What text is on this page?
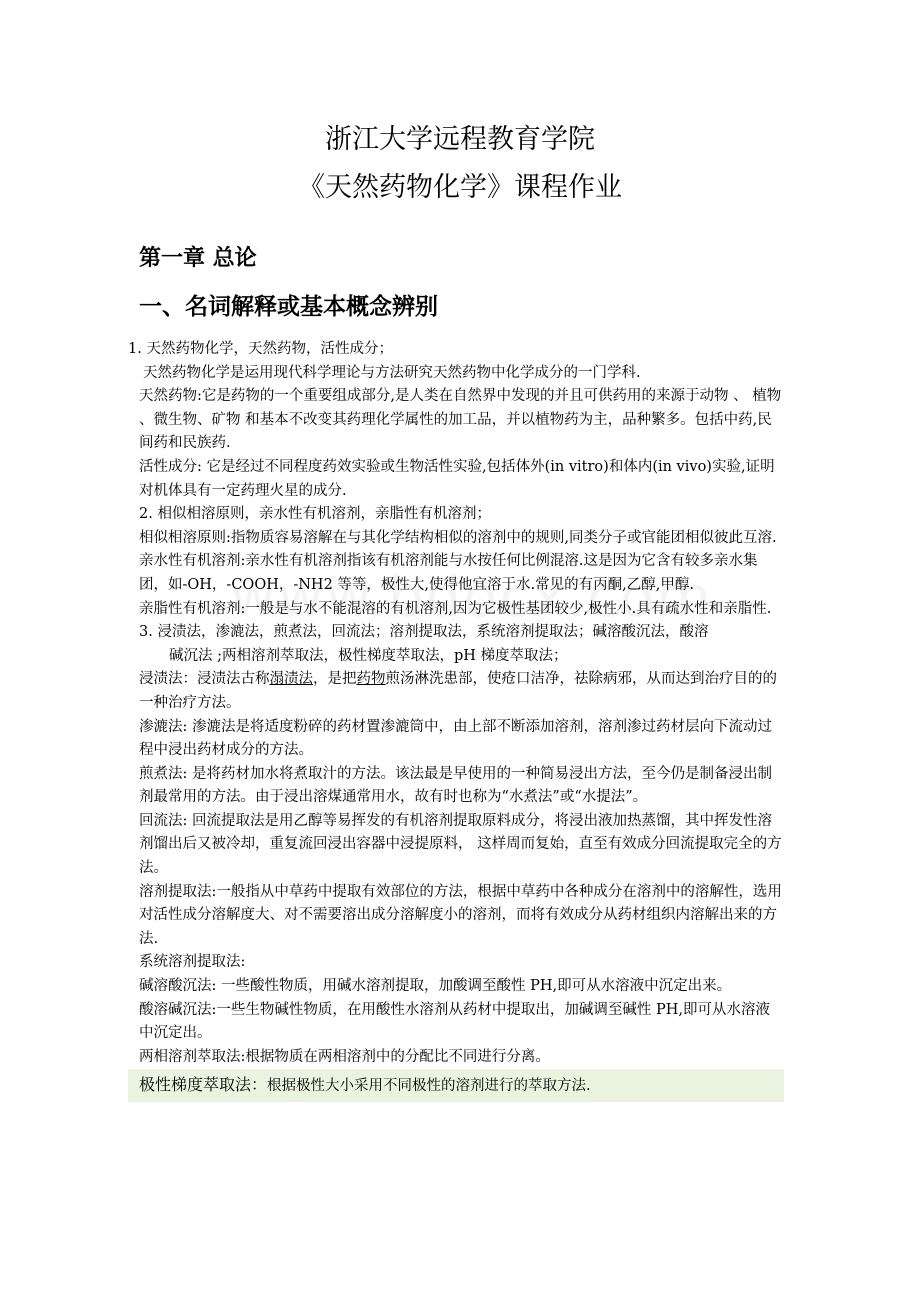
浙江大学远程教育学院
《天然药物化学》课程作业
第一章 总论
一、名词解释或基本概念辨别

1. 天然药物化学，天然药物，活性成分；

天然药物化学是运用现代科学理论与方法研究天然药物中化学成分的一门学科.

天然药物:它是药物的一个重要组成部分,是人类在自然界中发现的并且可供药用的来源于动物 、 植物 、微生物、矿物 和基本不改变其药理化学属性的加工品，并以植物药为主，品种繁多。包括中药,民间药和民族药.

活性成分: 它是经过不同程度药效实验或生物活性实验,包括体外(in vitro)和体内(in vivo)实验,证明对机体具有一定药理火星的成分.

2. 相似相溶原则，亲水性有机溶剂，亲脂性有机溶剂；

相似相溶原则:指物质容易溶解在与其化学结构相似的溶剂中的规则,同类分子或官能团相似彼此互溶.

亲水性有机溶剂:亲水性有机溶剂指该有机溶剂能与水按任何比例混溶.这是因为它含有较多亲水集团，如-OH，-COOH，-NH2 等等，极性大,使得他宜溶于水.常见的有丙酮,乙醇,甲醇.

亲脂性有机溶剂:一般是与水不能混溶的有机溶剂,因为它极性基团较少,极性小.具有疏水性和亲脂性.

3. 浸渍法，渗漉法，煎煮法，回流法；溶剂提取法，系统溶剂提取法；碱溶酸沉法，酸溶

碱沉法 ;两相溶剂萃取法，极性梯度萃取法，pH 梯度萃取法；

浸渍法：浸渍法古称溻渍法，是把药物煎汤淋洗患部，使疮口洁净，祛除病邪，从而达到治疗目的的一种治疗方法。

渗漉法: 渗漉法是将适度粉碎的药材置渗漉筒中，由上部不断添加溶剂，溶剂渗过药材层向下流动过程中浸出药材成分的方法。

煎煮法: 是将药材加水将煮取汁的方法。该法最是早使用的一种简易浸出方法，至今仍是制备浸出制剂最常用的方法。由于浸出溶煤通常用水，故有时也称为“水煮法”或“水提法”。

回流法: 回流提取法是用乙醇等易挥发的有机溶剂提取原料成分，将浸出液加热蒸馏，其中挥发性溶剂馏出后又被冷却，重复流回浸出容器中浸提原料， 这样周而复始，直至有效成分回流提取完全的方法。

溶剂提取法:一般指从中草药中提取有效部位的方法，根据中草药中各种成分在溶剂中的溶解性，选用对活性成分溶解度大、对不需要溶出成分溶解度小的溶剂，而将有效成分从药材组织内溶解出来的方法.

系统溶剂提取法:

碱溶酸沉法: 一些酸性物质，用碱水溶剂提取，加酸调至酸性 PH,即可从水溶液中沉定出来。

酸溶碱沉法:一些生物碱性物质，在用酸性水溶剂从药材中提取出，加碱调至碱性 PH,即可从水溶液中沉定出。

两相溶剂萃取法:根据物质在两相溶剂中的分配比不同进行分离。

极性梯度萃取法：根据极性大小采用不同极性的溶剂进行的萃取方法.
